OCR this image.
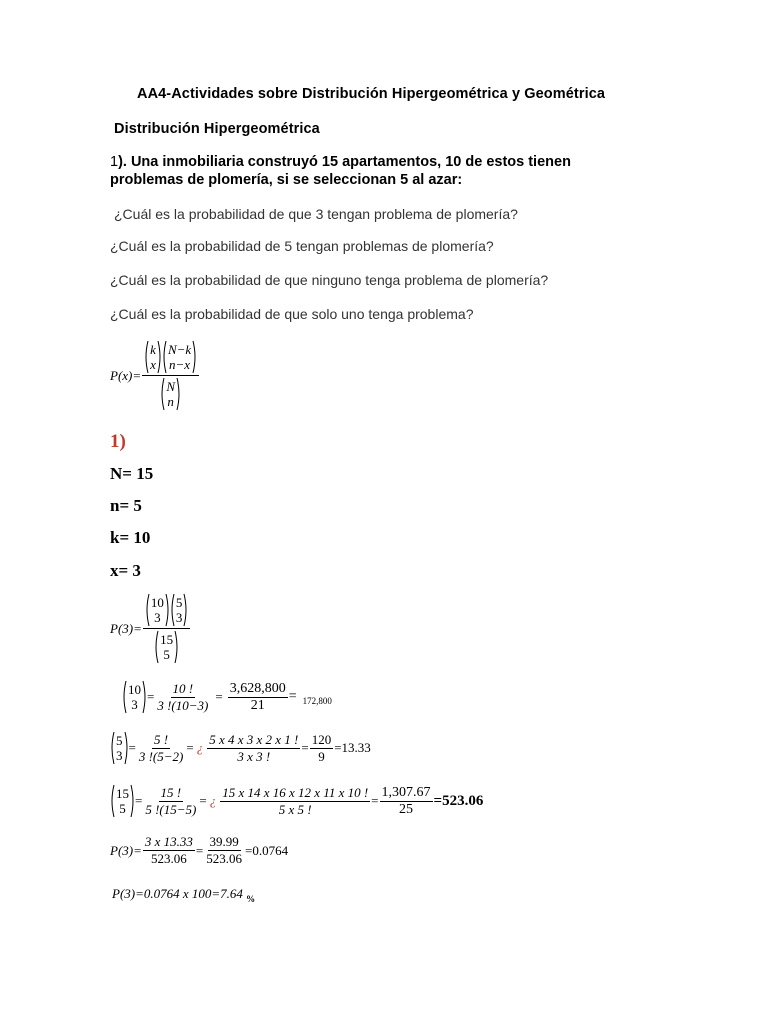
AA4-Actividades sobre Distribución Hipergeométrica y Geométrica
Distribución Hipergeométrica
1). Una inmobiliaria construyó 15 apartamentos, 10 de estos tienen
problemas de plomería, si se seleccionan 5 al azar:
¿Cuál es la probabilidad de que 3 tengan problema de plomería?
¿Cuál es la probabilidad de 5 tengan problemas de plomería?
¿Cuál es la probabilidad de que ninguno tenga problema de plomería?
¿Cuál es la probabilidad de que solo uno tenga problema?
P(x)= k
x
N−k
n−x
N
n
1)
N= 15
n= 5
k= 10
x= 3
P(3)= 10
3
5
3
15
5
10
3
= $\frac{10 !}{3 !(10-3)} = \frac{3,628,800}{21} = 172,800$
5
3
= $\frac{5 !}{3 !(5-2)}$ = ¿ $\frac{5 x 4 x 3 x 2 x 1 !}{3 x 3 !} = \frac{120}{9} =13.33$
15
5
= $\frac{15 !}{5 !(15-5)}$ = ¿ $\frac{15 x 14 x 16 x 12 x 11 x 10 !}{5 x 5 !} = \frac{1,307.67}{25} =523.06$
$P(3)= \frac{3 x 13.33}{523.06} = \frac{39.99}{523.06} =0.0764$
P(3)=0.0764 x 100=7.64 $_{\%}$
